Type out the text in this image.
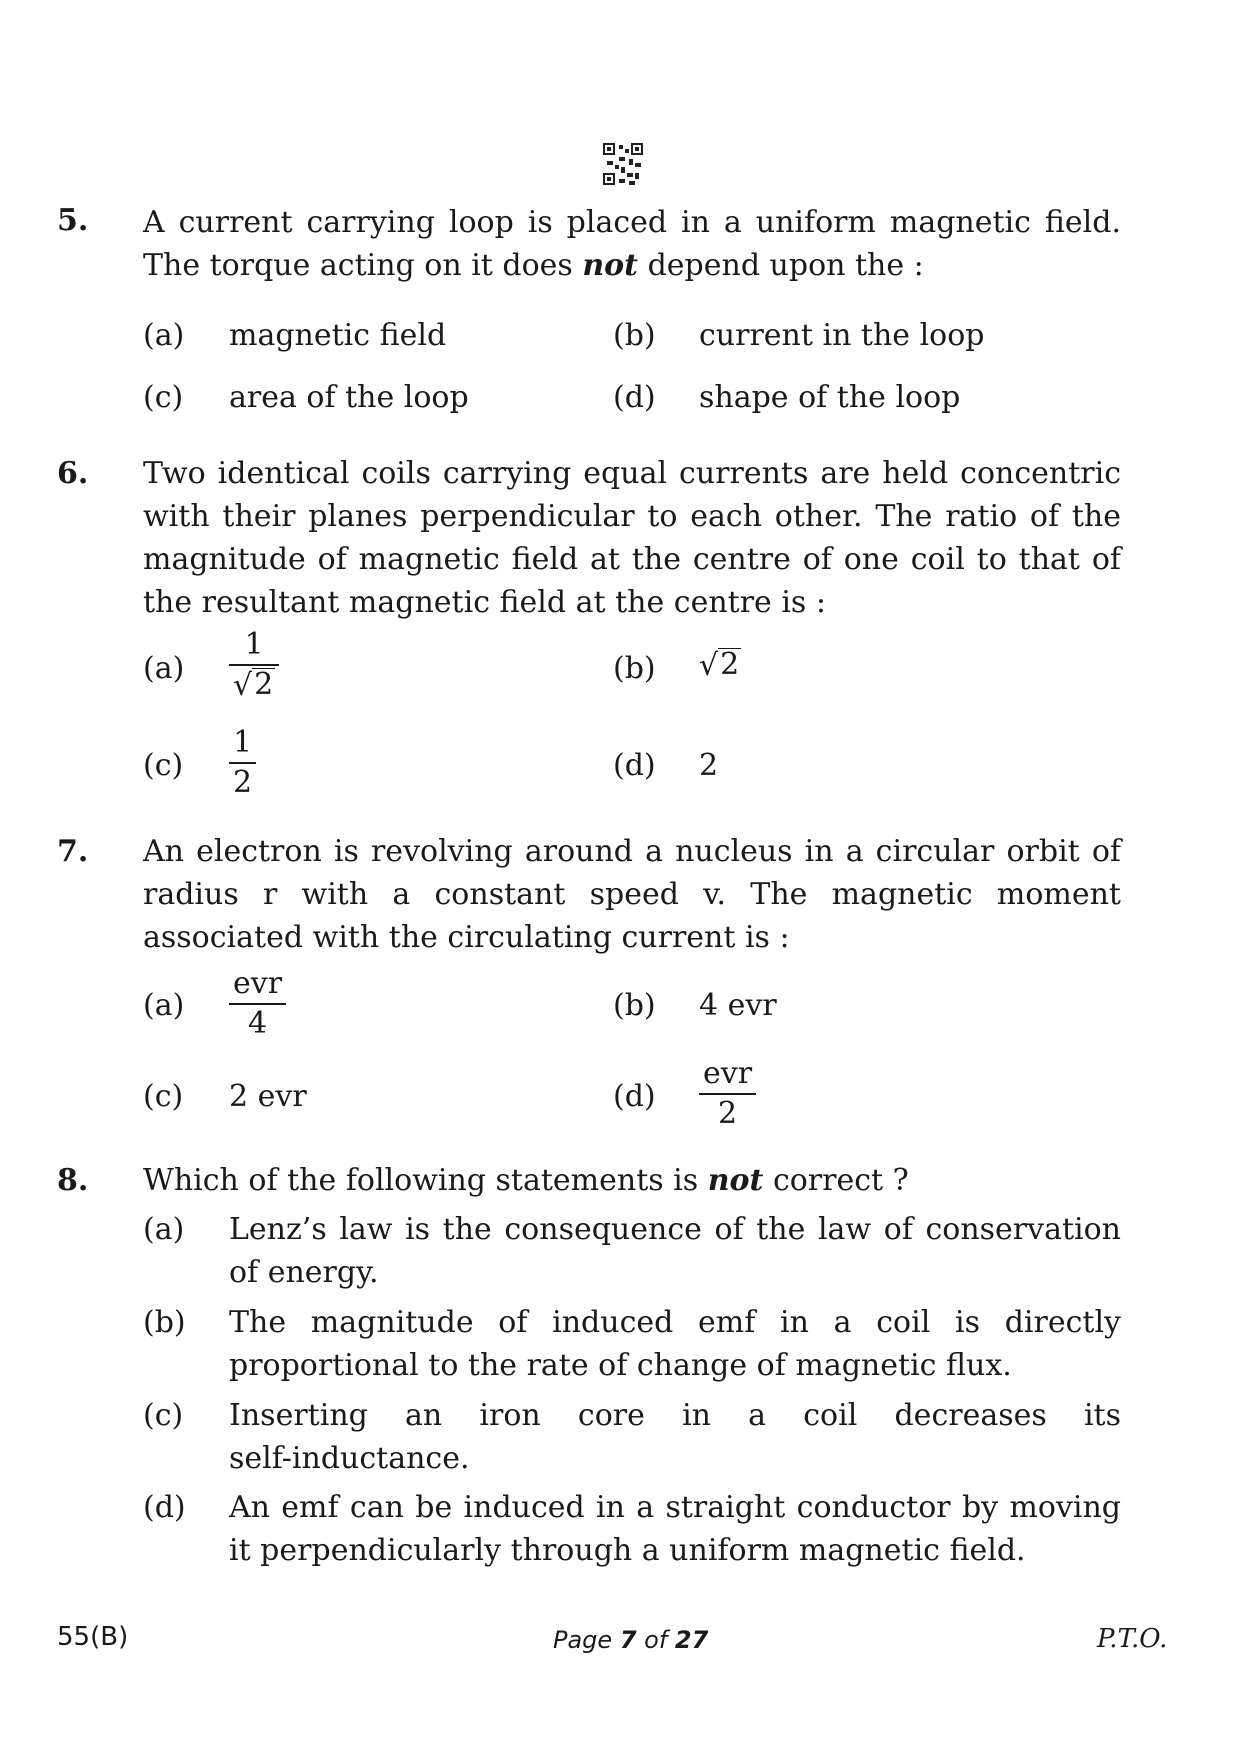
5. A current carrying loop is placed in a uniform magnetic field.
The torque acting on it does not depend upon the :
(a) magnetic field	(b) current in the loop
(c) area of the loop	(d) shape of the loop
6. Two identical coils carrying equal currents are held concentric
with their planes perpendicular to each other. The ratio of the
magnitude of magnetic field at the centre of one coil to that of
the resultant magnetic field at the centre is :
(a)
1
√ 2	(b) √ 2
(c)
1
2	(d) 2
7. An electron is revolving around a nucleus in a circular orbit of
radius r with a constant speed v. The magnetic moment
associated with the circulating current is :
(a)
evr
4
(b) 4 evr
(c) 2 evr	(d)
evr
2
8. Which of the following statements is not correct ?
(a) Lenz’s law is the consequence of the law of conservation
of energy.
(b) The magnitude of induced emf in a coil is directly
proportional to the rate of change of magnetic flux.
(c) Inserting an iron core in a coil decreases its
self-inductance.
(d) An emf can be induced in a straight conductor by moving
it perpendicularly through a uniform magnetic field.
55(B)	Page 7 of 27	P.T.O.
